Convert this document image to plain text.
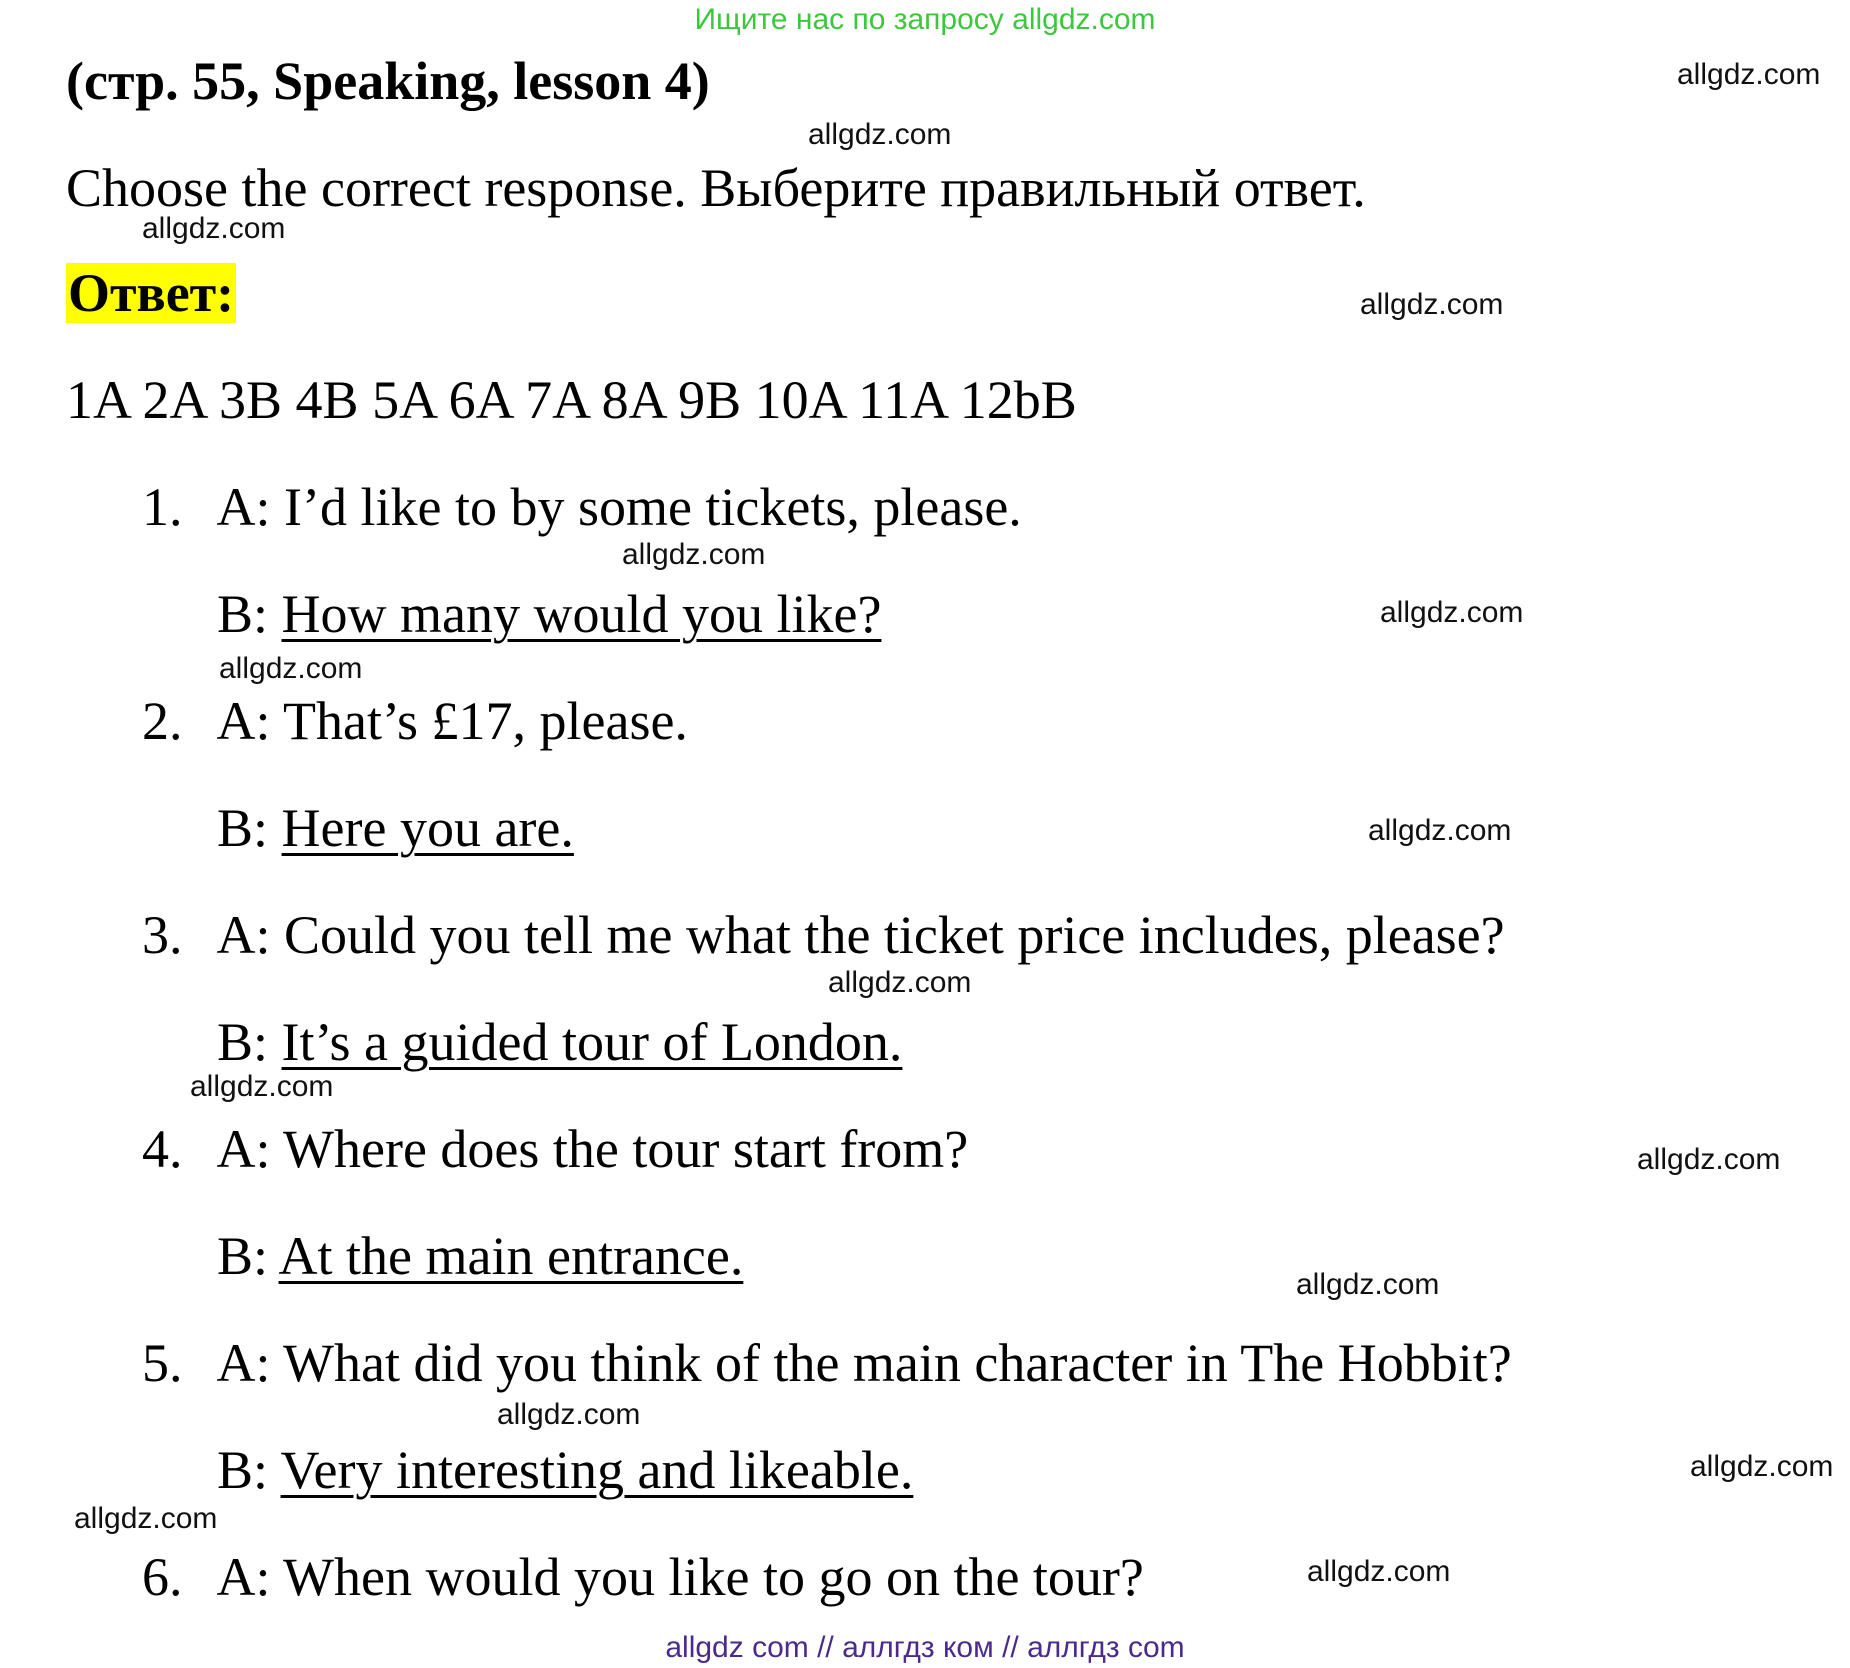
Ищите нас по запросу allgdz.com
(стр. 55, Speaking, lesson 4)
Choose the correct response. Выберите правильный ответ.
Ответ:
1A 2A 3B 4B 5A 6A 7A 8A 9B 10A 11A 12bB
1. A: I’d like to by some tickets, please.
B: How many would you like?
2. A: That’s £17, please.
B: Here you are.
3. A: Could you tell me what the ticket price includes, please?
B: It’s a guided tour of London.
4. A: Where does the tour start from?
B: At the main entrance.
5. A: What did you think of the main character in The Hobbit?
B: Very interesting and likeable.
6. A: When would you like to go on the tour?
allgdz.com
allgdz.com
allgdz.com
allgdz.com
allgdz.com
allgdz.com
allgdz.com
allgdz.com
allgdz.com
allgdz.com
allgdz.com
allgdz.com
allgdz.com
allgdz.com
allgdz.com
allgdz.com
allgdz com // аллгдз ком // аллгдз com
